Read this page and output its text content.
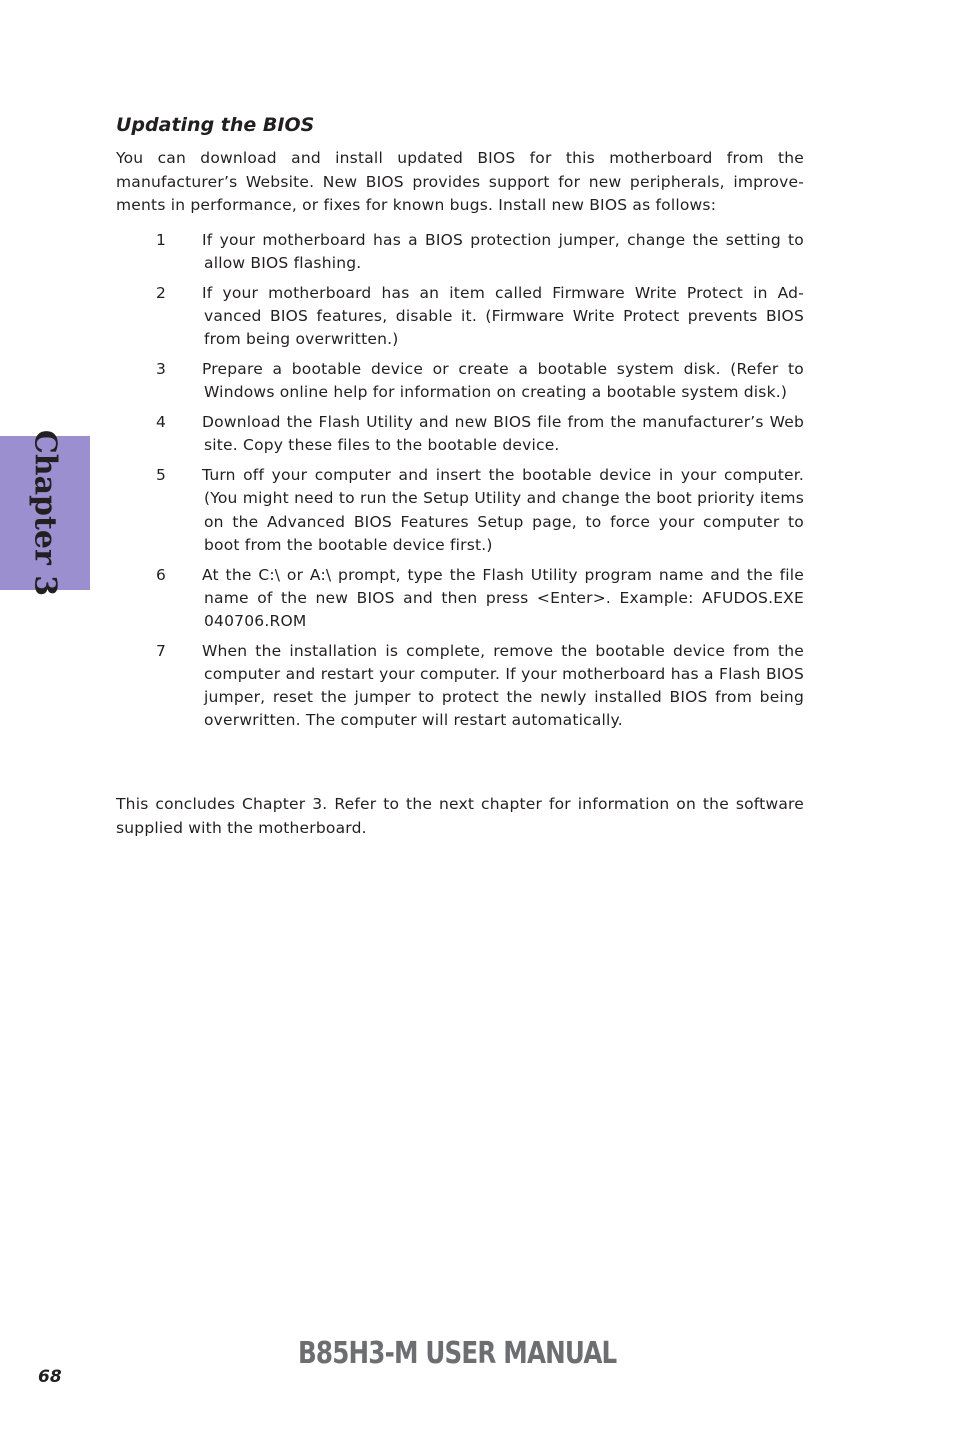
Updating the BIOS

You can download and install updated BIOS for this motherboard from the manufacturer’s Website. New BIOS provides support for new peripherals, improve-ments in performance, or fixes for known bugs. Install new BIOS as follows:

1 If your motherboard has a BIOS protection jumper, change the setting to allow BIOS flashing.
2 If your motherboard has an item called Firmware Write Protect in Ad-vanced BIOS features, disable it. (Firmware Write Protect prevents BIOS from being overwritten.)
3 Prepare a bootable device or create a bootable system disk. (Refer to Windows online help for information on creating a bootable system disk.)
4 Download the Flash Utility and new BIOS file from the manufacturer’s Web site. Copy these files to the bootable device.
5 Turn off your computer and insert the bootable device in your computer. (You might need to run the Setup Utility and change the boot priority items on the Advanced BIOS Features Setup page, to force your computer to boot from the bootable device first.)
6 At the C:\ or A:\ prompt, type the Flash Utility program name and the file name of the new BIOS and then press <Enter>. Example: AFUDOS.EXE 040706.ROM
7 When the installation is complete, remove the bootable device from the computer and restart your computer. If your motherboard has a Flash BIOS jumper, reset the jumper to protect the newly installed BIOS from being overwritten. The computer will restart automatically.

This concludes Chapter 3. Refer to the next chapter for information on the software supplied with the motherboard.

Chapter 3
B85H3-M USER MANUAL
68
